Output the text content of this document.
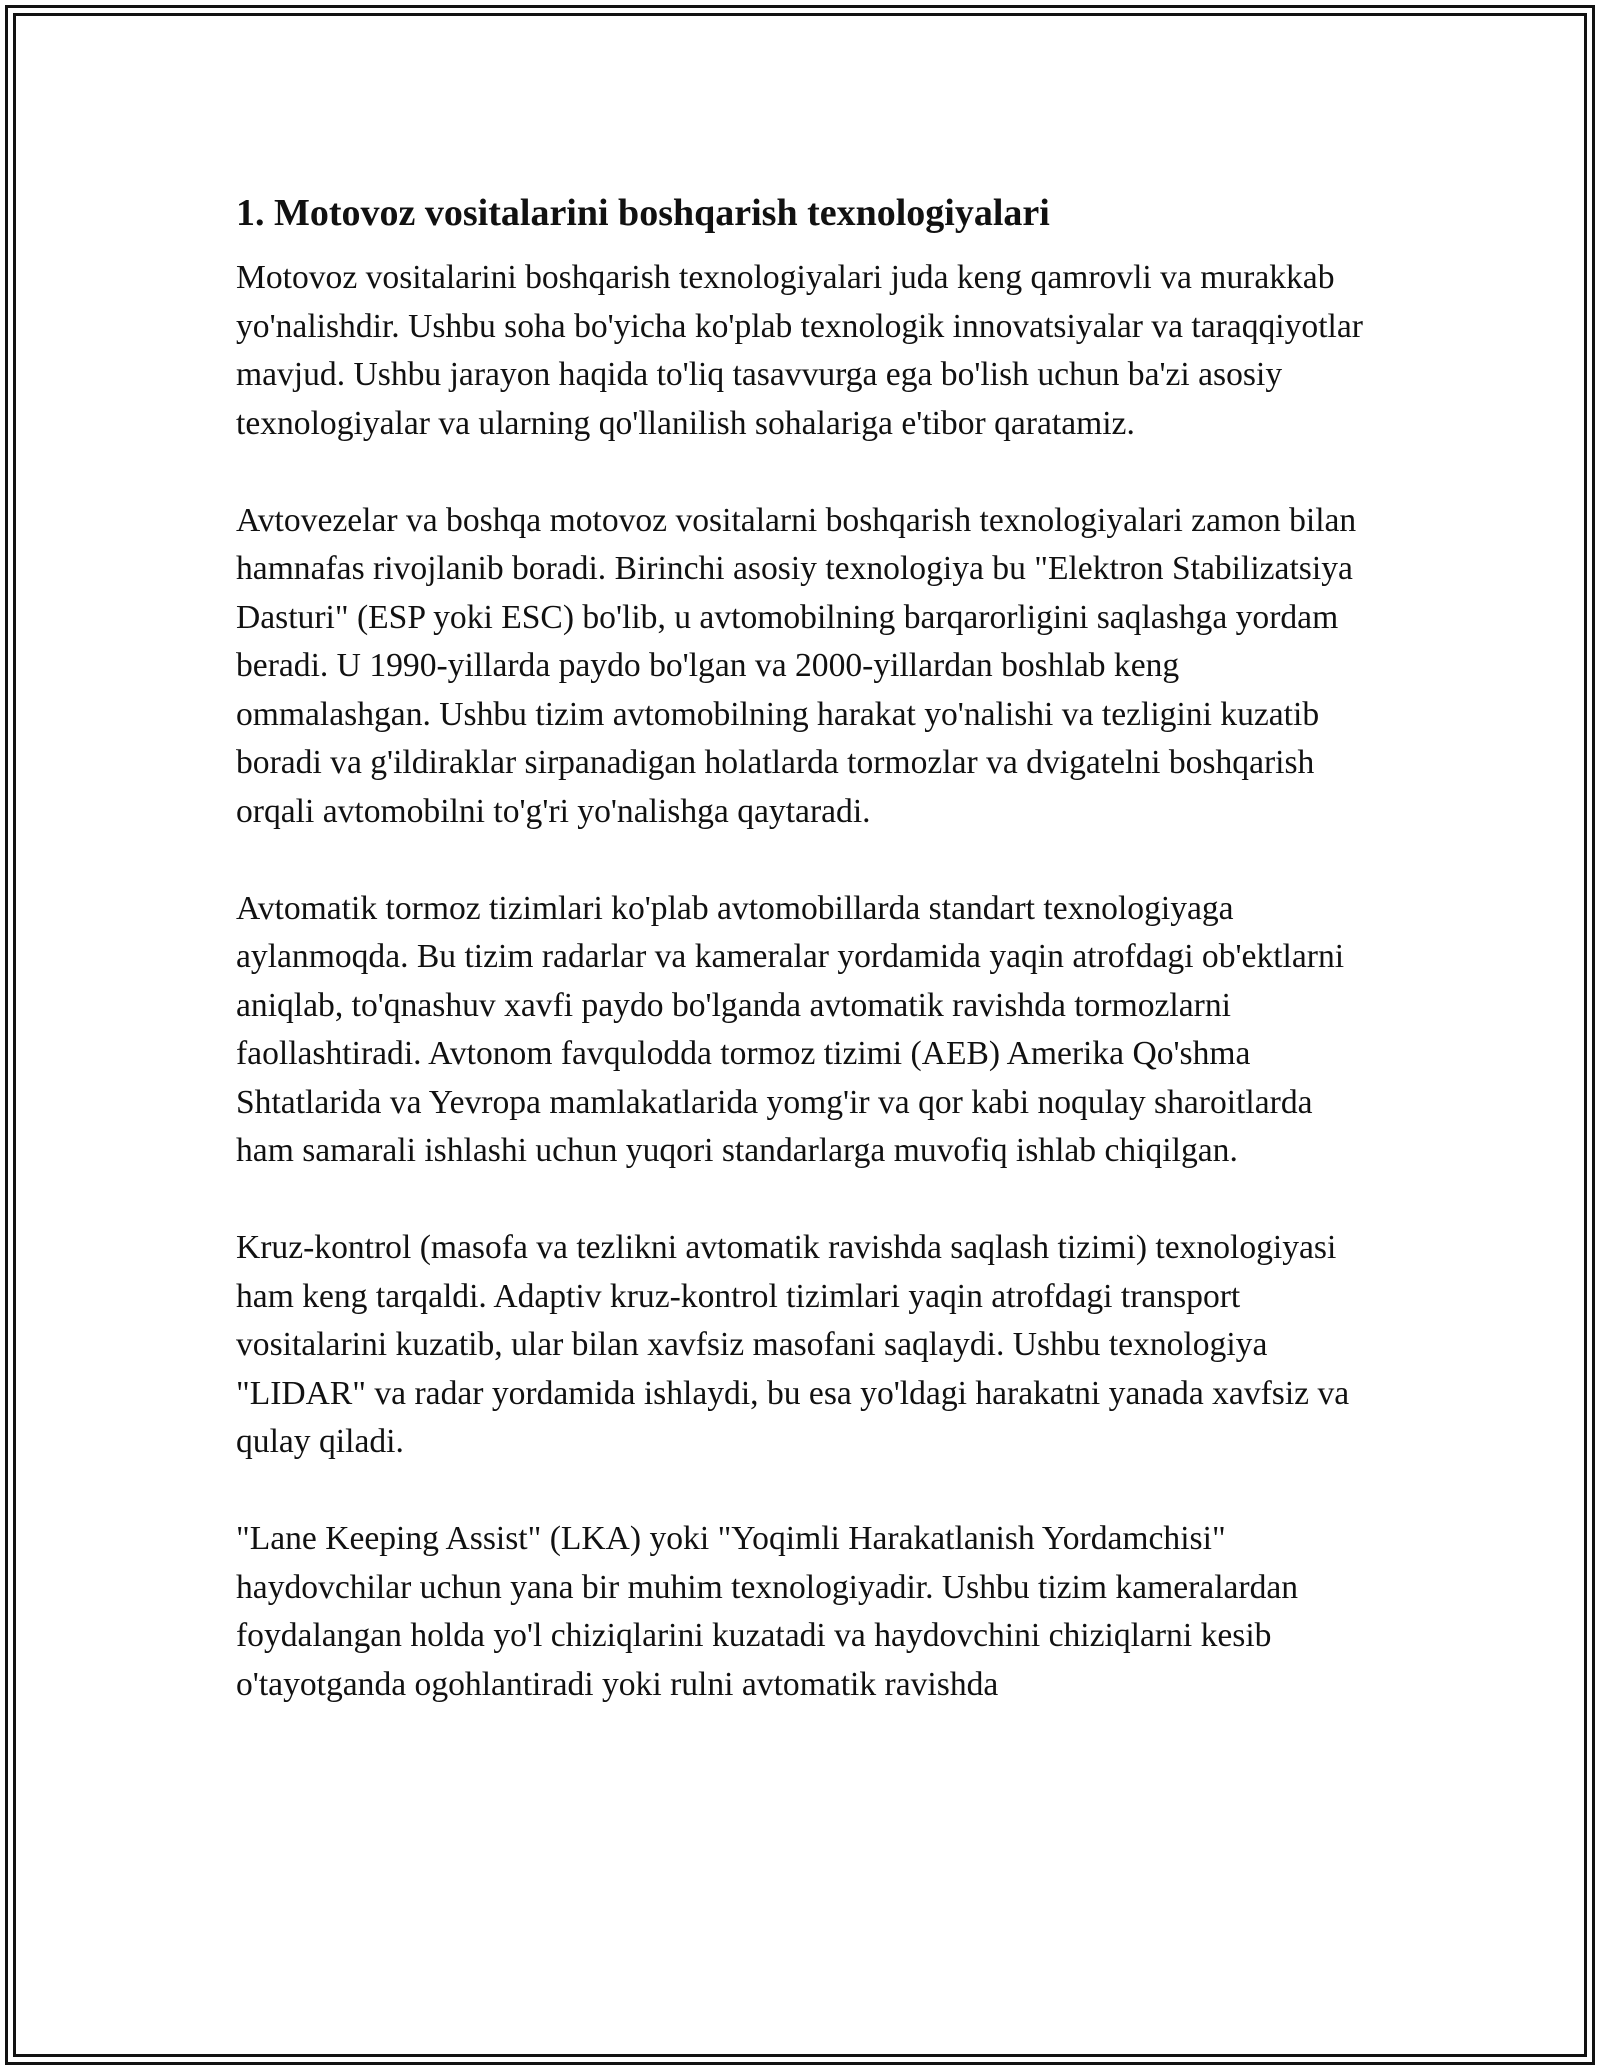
1. Motovoz vositalarini boshqarish texnologiyalari

Motovoz vositalarini boshqarish texnologiyalari juda keng qamrovli va murakkab yo'nalishdir. Ushbu soha bo'yicha ko'plab texnologik innovatsiyalar va taraqqiyotlar mavjud. Ushbu jarayon haqida to'liq tasavvurga ega bo'lish uchun ba'zi asosiy texnologiyalar va ularning qo'llanilish sohalariga e'tibor qaratamiz.

Avtovezelar va boshqa motovoz vositalarni boshqarish texnologiyalari zamon bilan hamnafas rivojlanib boradi. Birinchi asosiy texnologiya bu "Elektron Stabilizatsiya Dasturi" (ESP yoki ESC) bo'lib, u avtomobilning barqarorligini saqlashga yordam beradi. U 1990-yillarda paydo bo'lgan va 2000-yillardan boshlab keng ommalashgan. Ushbu tizim avtomobilning harakat yo'nalishi va tezligini kuzatib boradi va g'ildiraklar sirpanadigan holatlarda tormozlar va dvigatelni boshqarish orqali avtomobilni to'g'ri yo'nalishga qaytaradi.

Avtomatik tormoz tizimlari ko'plab avtomobillarda standart texnologiyaga aylanmoqda. Bu tizim radarlar va kameralar yordamida yaqin atrofdagi ob'ektlarni aniqlab, to'qnashuv xavfi paydo bo'lganda avtomatik ravishda tormozlarni faollashtiradi. Avtonom favqulodda tormoz tizimi (AEB) Amerika Qo'shma Shtatlarida va Yevropa mamlakatlarida yomg'ir va qor kabi noqulay sharoitlarda ham samarali ishlashi uchun yuqori standarlarga muvofiq ishlab chiqilgan.

Kruz-kontrol (masofa va tezlikni avtomatik ravishda saqlash tizimi) texnologiyasi ham keng tarqaldi. Adaptiv kruz-kontrol tizimlari yaqin atrofdagi transport vositalarini kuzatib, ular bilan xavfsiz masofani saqlaydi. Ushbu texnologiya "LIDAR" va radar yordamida ishlaydi, bu esa yo'ldagi harakatni yanada xavfsiz va qulay qiladi.

"Lane Keeping Assist" (LKA) yoki "Yoqimli Harakatlanish Yordamchisi" haydovchilar uchun yana bir muhim texnologiyadir. Ushbu tizim kameralardan foydalangan holda yo'l chiziqlarini kuzatadi va haydovchini chiziqlarni kesib o'tayotganda ogohlantiradi yoki rulni avtomatik ravishda
